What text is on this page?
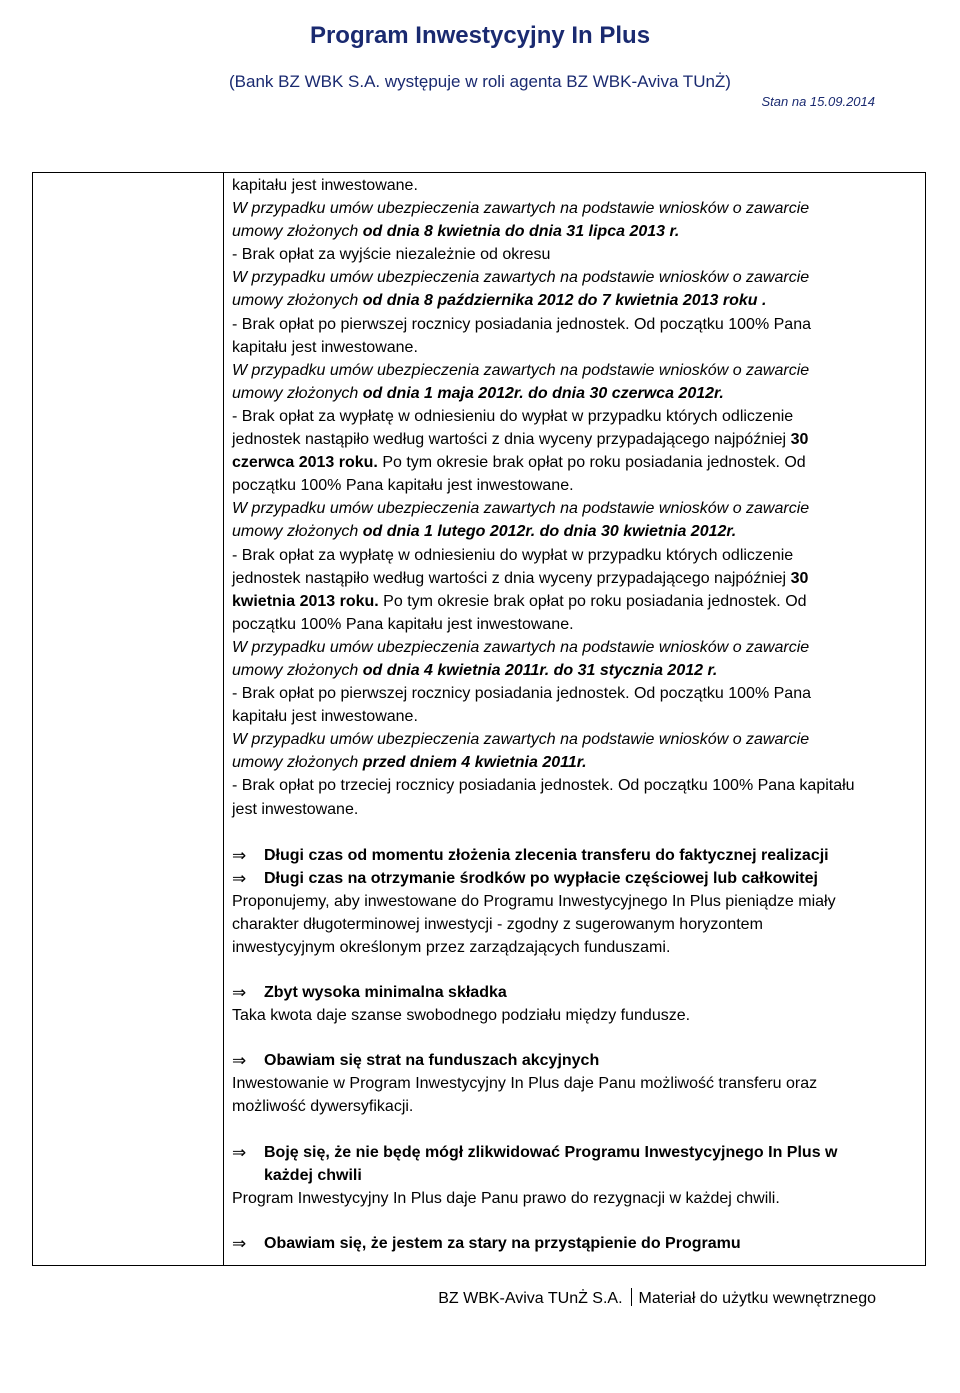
Program Inwestycyjny In Plus
(Bank BZ WBK S.A. występuje w roli agenta BZ WBK-Aviva TUnŻ)
Stan na 15.09.2014
kapitału jest inwestowane.
W przypadku umów ubezpieczenia zawartych na podstawie wniosków o zawarcie
umowy złożonych od dnia 8 kwietnia do dnia 31 lipca 2013 r.
- Brak opłat za wyjście niezależnie od okresu
W przypadku umów ubezpieczenia zawartych na podstawie wniosków o zawarcie
umowy złożonych od dnia 8 października 2012 do 7 kwietnia 2013 roku .
- Brak opłat po pierwszej rocznicy posiadania jednostek. Od początku 100% Pana
kapitału jest inwestowane.
W przypadku umów ubezpieczenia zawartych na podstawie wniosków o zawarcie
umowy złożonych od dnia 1 maja 2012r. do dnia 30 czerwca 2012r.
- Brak opłat za wypłatę w odniesieniu do wypłat w przypadku których odliczenie
jednostek nastąpiło według wartości z dnia wyceny przypadającego najpóźniej 30
czerwca 2013 roku. Po tym okresie brak opłat po roku posiadania jednostek. Od
początku 100% Pana kapitału jest inwestowane.
W przypadku umów ubezpieczenia zawartych na podstawie wniosków o zawarcie
umowy złożonych od dnia 1 lutego 2012r. do dnia 30 kwietnia 2012r.
- Brak opłat za wypłatę w odniesieniu do wypłat w przypadku których odliczenie
jednostek nastąpiło według wartości z dnia wyceny przypadającego najpóźniej 30
kwietnia 2013 roku. Po tym okresie brak opłat po roku posiadania jednostek. Od
początku 100% Pana kapitału jest inwestowane.
W przypadku umów ubezpieczenia zawartych na podstawie wniosków o zawarcie
umowy złożonych od dnia 4 kwietnia 2011r. do 31 stycznia 2012 r.
- Brak opłat po pierwszej rocznicy posiadania jednostek. Od początku 100% Pana
kapitału jest inwestowane.
W przypadku umów ubezpieczenia zawartych na podstawie wniosków o zawarcie
umowy złożonych przed dniem 4 kwietnia 2011r.
- Brak opłat po trzeciej rocznicy posiadania jednostek. Od początku 100% Pana kapitału
jest inwestowane.
⇒	Długi czas od momentu złożenia zlecenia transferu do faktycznej realizacji
⇒	Długi czas na otrzymanie środków po wypłacie częściowej lub całkowitej
Proponujemy, aby inwestowane do Programu Inwestycyjnego In Plus pieniądze miały
charakter długoterminowej inwestycji - zgodny z sugerowanym horyzontem
inwestycyjnym określonym przez zarządzających funduszami.
⇒	Zbyt wysoka minimalna składka
Taka kwota daje szanse swobodnego podziału między fundusze.
⇒	Obawiam się strat na funduszach akcyjnych
Inwestowanie w Program Inwestycyjny In Plus daje Panu możliwość transferu oraz
możliwość dywersyfikacji.
⇒	Boję się, że nie będę mógł zlikwidować Programu Inwestycyjnego In Plus w
każdej chwili
Program Inwestycyjny In Plus daje Panu prawo do rezygnacji w każdej chwili.
⇒	Obawiam się, że jestem za stary na przystąpienie do Programu
BZ WBK-Aviva TUnŻ S.A. Materiał do użytku wewnętrznego
